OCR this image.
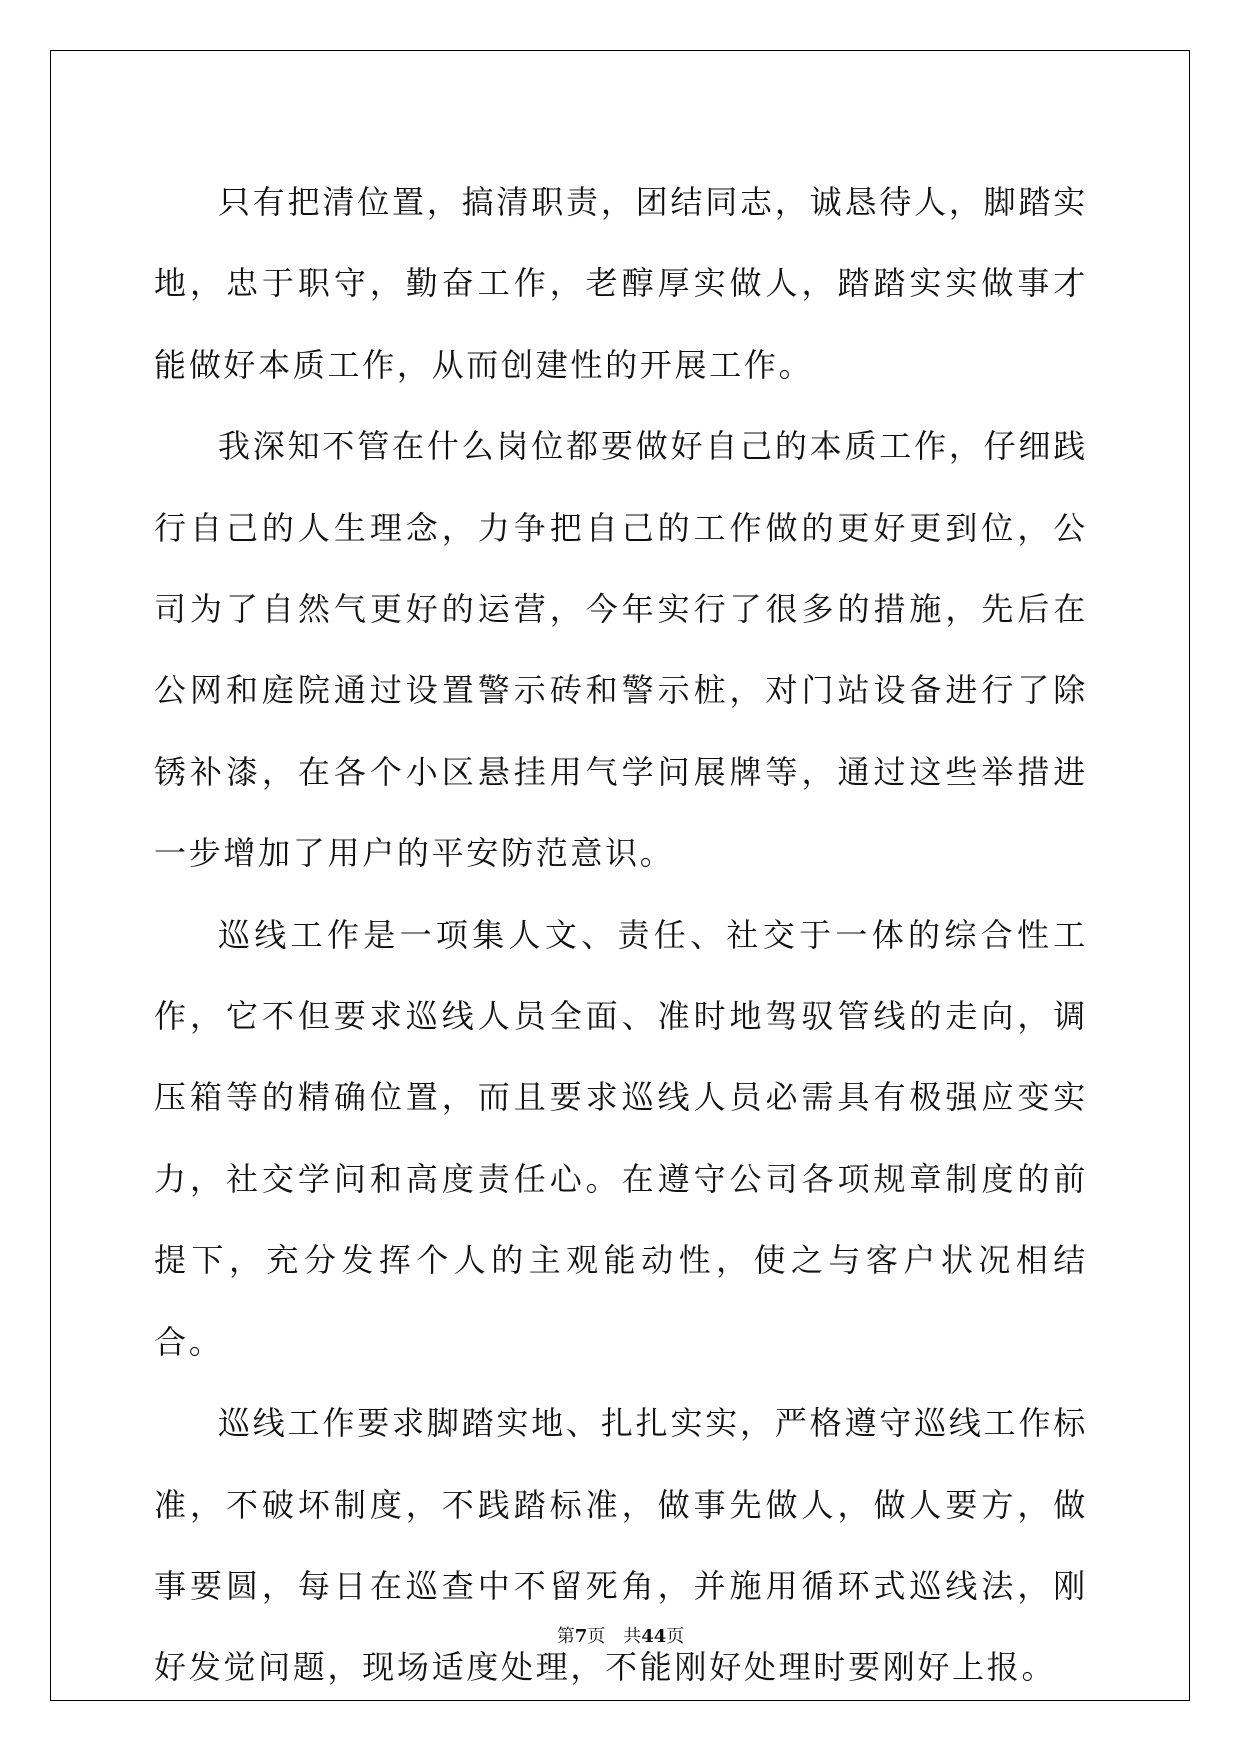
只有把清位置，搞清职责，团结同志，诚恳待人，脚踏实地，忠于职守，勤奋工作，老醇厚实做人，踏踏实实做事才能做好本质工作，从而创建性的开展工作。

我深知不管在什么岗位都要做好自己的本质工作，仔细践行自己的人生理念，力争把自己的工作做的更好更到位，公司为了自然气更好的运营，今年实行了很多的措施，先后在公网和庭院通过设置警示砖和警示桩，对门站设备进行了除锈补漆，在各个小区悬挂用气学问展牌等，通过这些举措进一步增加了用户的平安防范意识。

巡线工作是一项集人文、责任、社交于一体的综合性工作，它不但要求巡线人员全面、准时地驾驭管线的走向，调压箱等的精确位置，而且要求巡线人员必需具有极强应变实力，社交学问和高度责任心。在遵守公司各项规章制度的前提下，充分发挥个人的主观能动性，使之与客户状况相结合。

巡线工作要求脚踏实地、扎扎实实，严格遵守巡线工作标准，不破坏制度，不践踏标准，做事先做人，做人要方，做事要圆，每日在巡查中不留死角，并施用循环式巡线法，刚好发觉问题，现场适度处理，不能刚好处理时要刚好上报。

第7页　共44页
